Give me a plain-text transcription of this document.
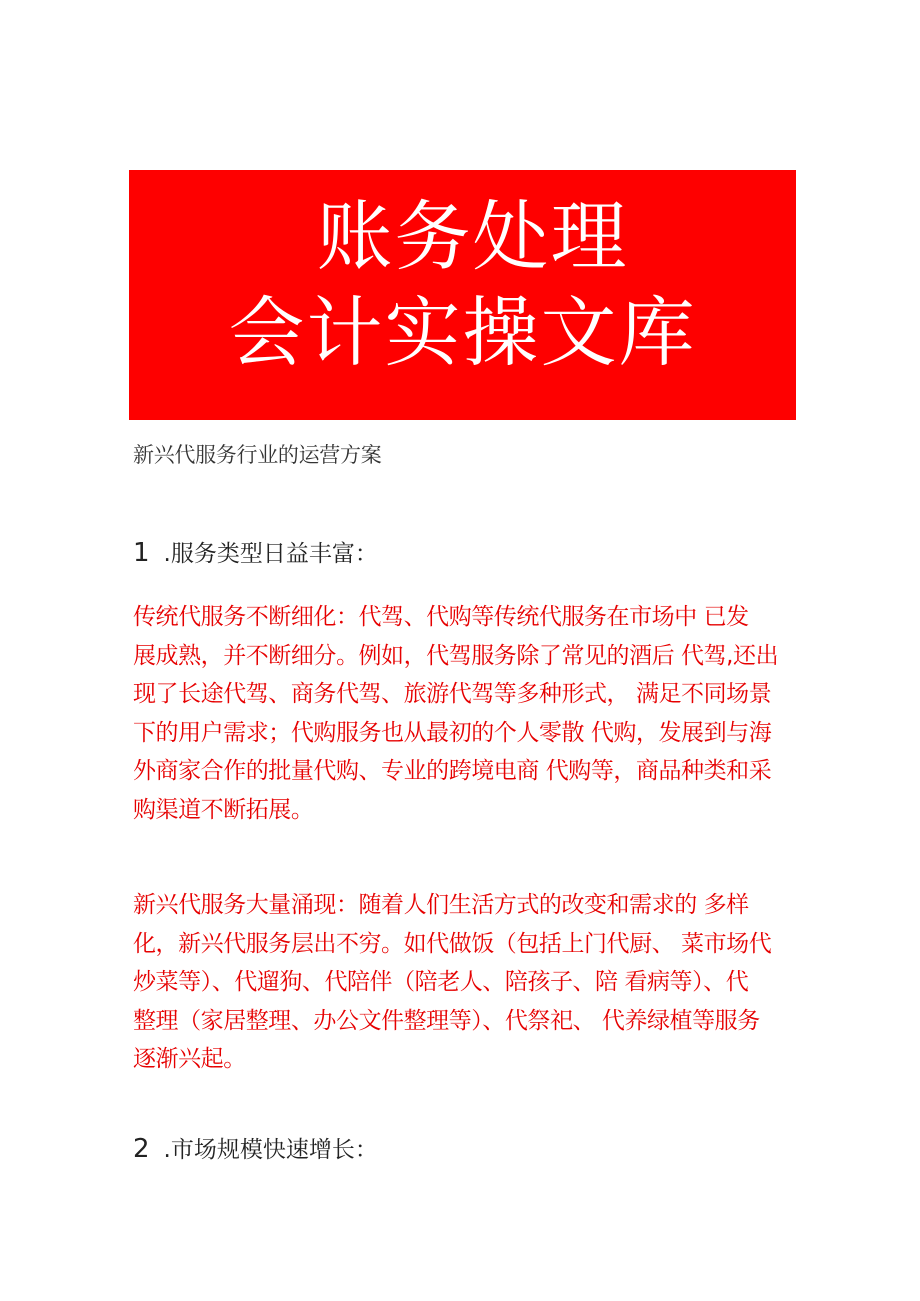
账务处理
会计实操文库
新兴代服务行业的运营方案
1 .服务类型日益丰富：
传统代服务不断细化：代驾、代购等传统代服务在市场中 已发
展成熟，并不断细分。例如，代驾服务除了常见的酒后 代驾,还出
现了长途代驾、商务代驾、旅游代驾等多种形式， 满足不同场景
下的用户需求；代购服务也从最初的个人零散 代购，发展到与海
外商家合作的批量代购、专业的跨境电商 代购等，商品种类和采
购渠道不断拓展。
新兴代服务大量涌现：随着人们生活方式的改变和需求的 多样
化，新兴代服务层出不穷。如代做饭（包括上门代厨、 菜市场代
炒菜等）、代遛狗、代陪伴（陪老人、陪孩子、陪 看病等）、代
整理（家居整理、办公文件整理等）、代祭祀、 代养绿植等服务
逐渐兴起。
2 .市场规模快速增长：
